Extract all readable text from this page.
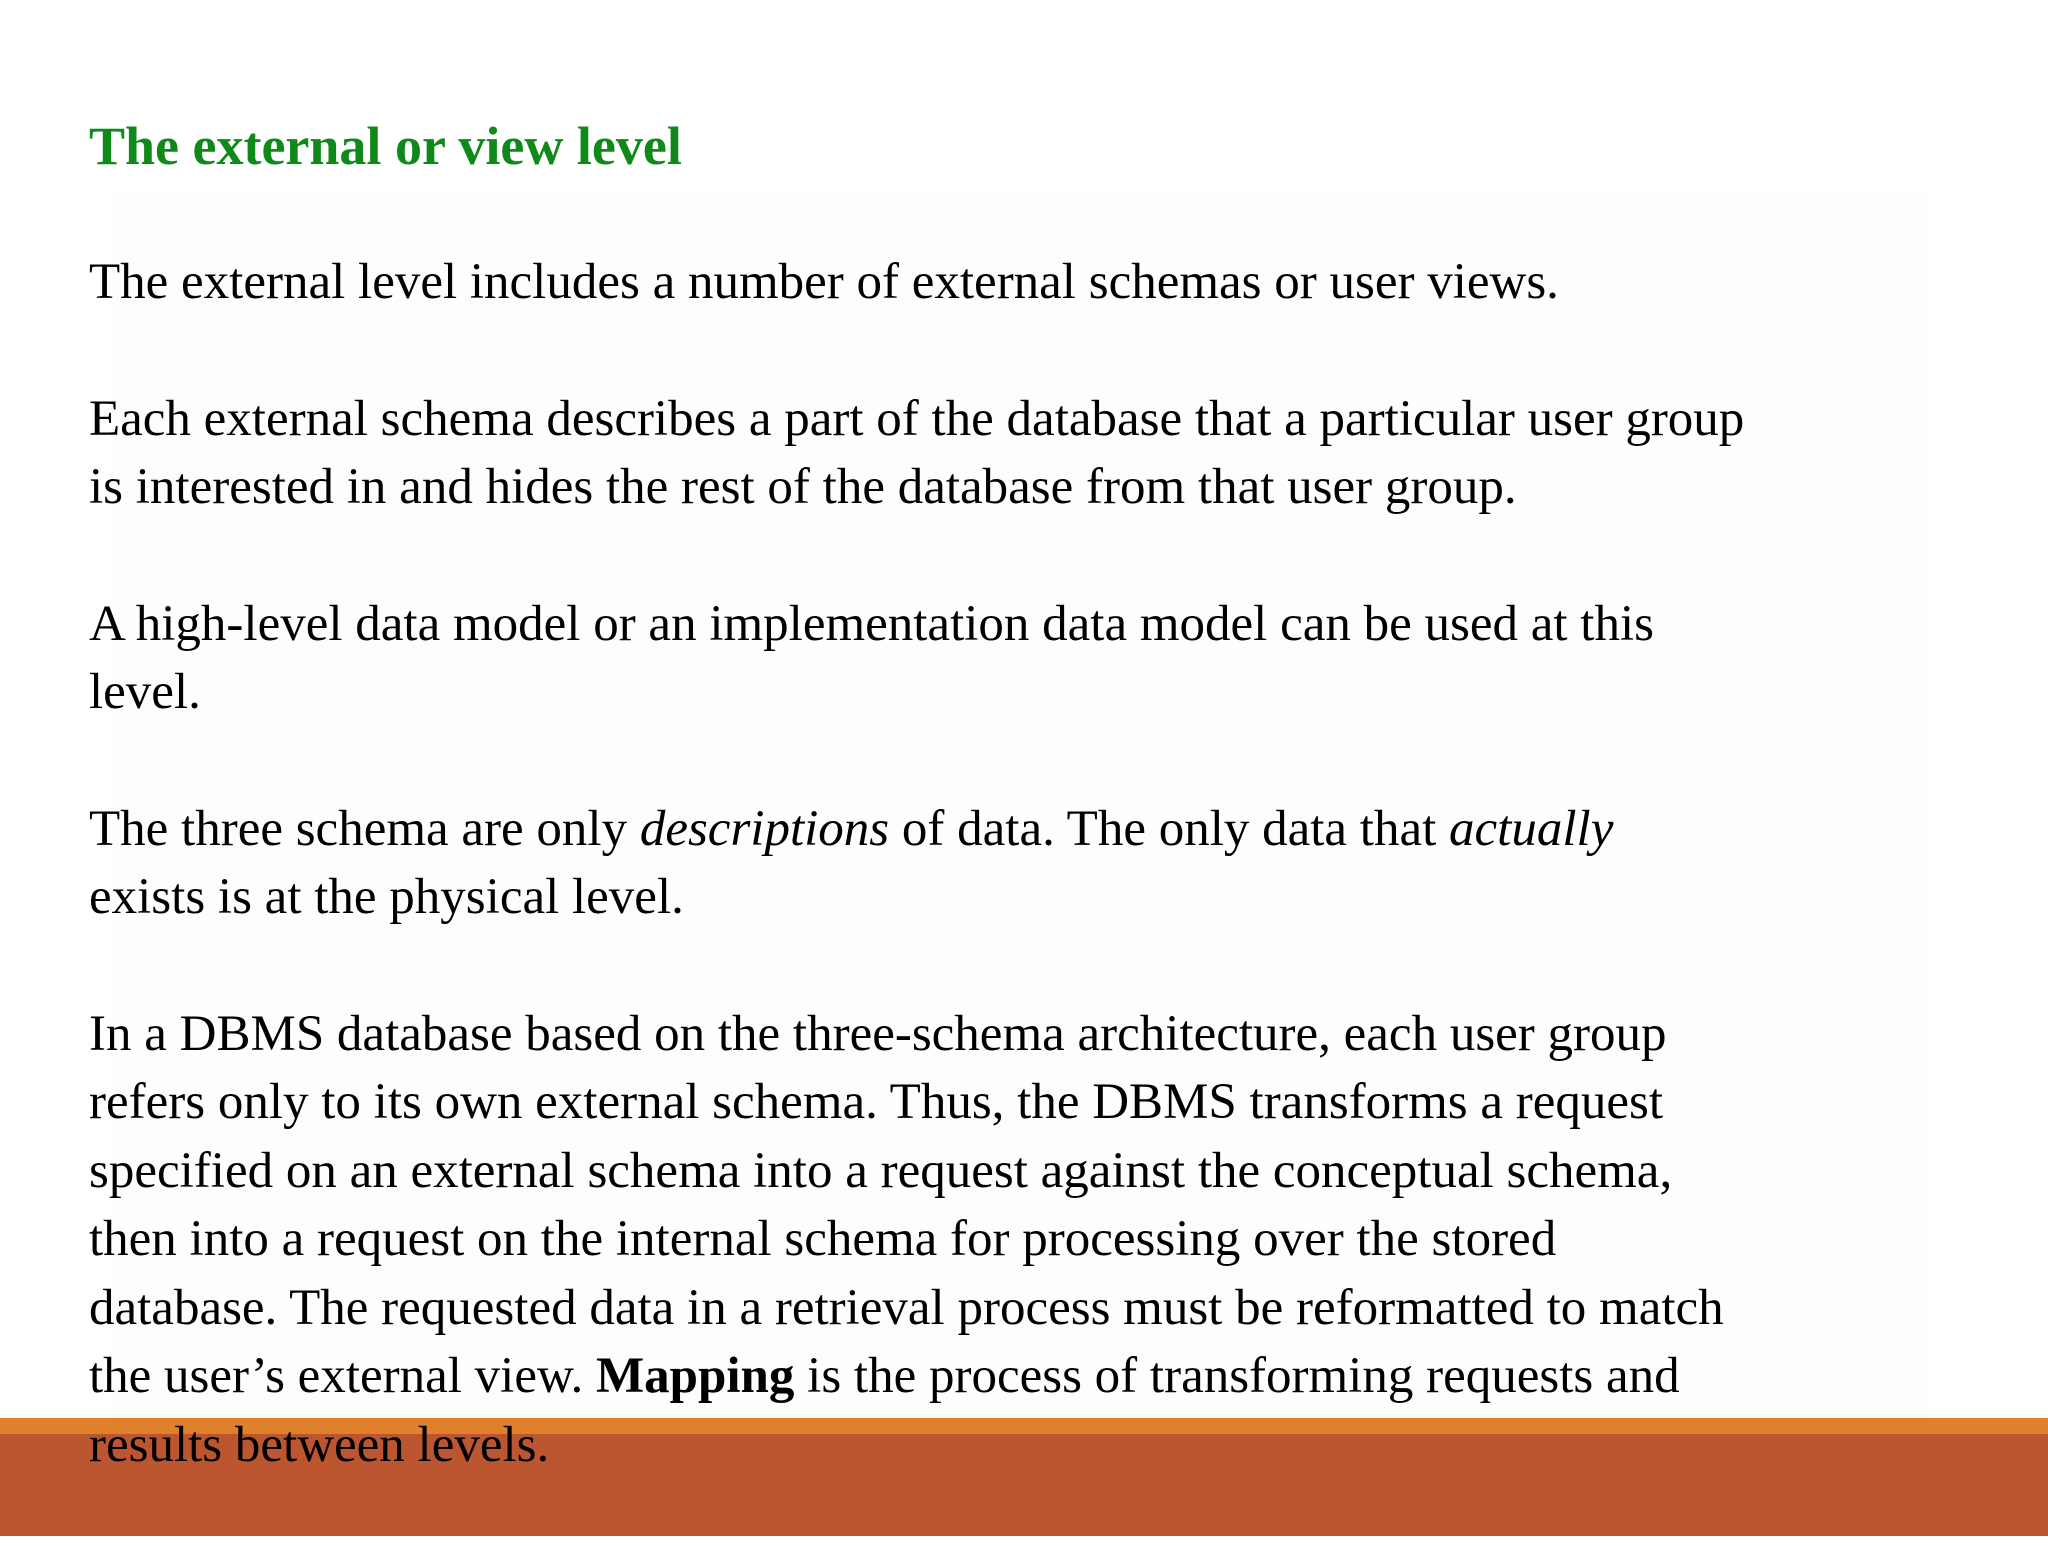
The external or view level
The external level includes a number of external schemas or user views.
Each external schema describes a part of the database that a particular user group
is interested in and hides the rest of the database from that user group.
A high-level data model or an implementation data model can be used at this
level.
The three schema are only descriptions of data. The only data that actually
exists is at the physical level.
In a DBMS database based on the three-schema architecture, each user group
refers only to its own external schema. Thus, the DBMS transforms a request
specified on an external schema into a request against the conceptual schema,
then into a request on the internal schema for processing over the stored
database. The requested data in a retrieval process must be reformatted to match
the user’s external view. Mapping is the process of transforming requests and
results between levels.
